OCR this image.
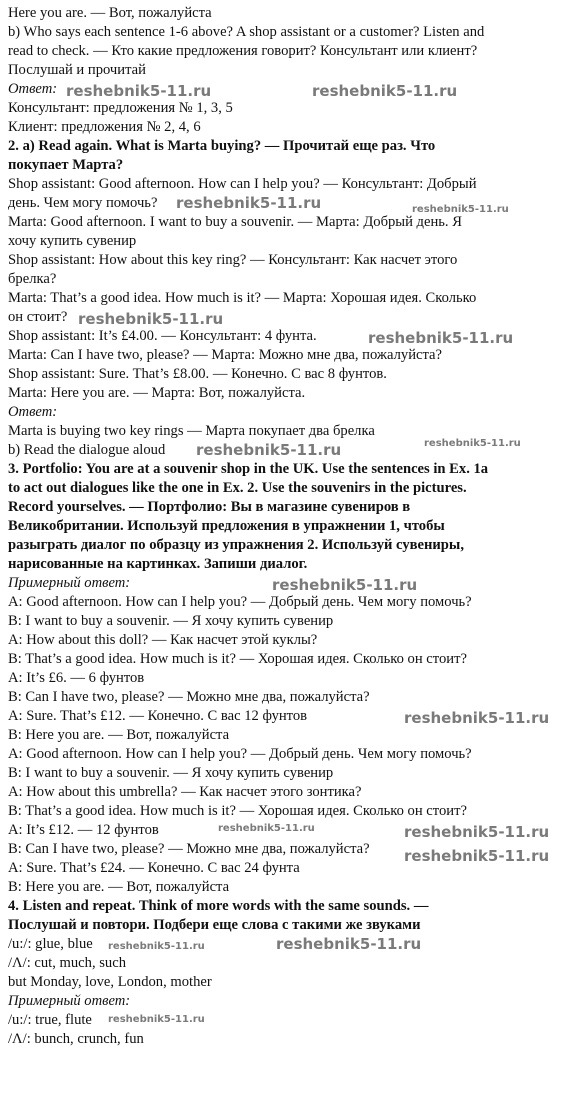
Here you are. — Вот, пожалуйста
b) Who says each sentence 1-6 above? A shop assistant or a customer? Listen and
read to check. — Кто какие предложения говорит? Консультант или клиент?
Послушай и прочитай
Ответ:
Консультант: предложения № 1, 3, 5
Клиент: предложения № 2, 4, 6
2. a) Read again. What is Marta buying? — Прочитай еще раз. Что
покупает Марта?
Shop assistant: Good afternoon. How can I help you? — Консультант: Добрый
день. Чем могу помочь?
Marta: Good afternoon. I want to buy a souvenir. — Марта: Добрый день. Я
хочу купить сувенир
Shop assistant: How about this key ring? — Консультант: Как насчет этого
брелка?
Marta: That’s a good idea. How much is it? — Марта: Хорошая идея. Сколько
он стоит?
Shop assistant: It’s £4.00. — Консультант: 4 фунта.
Marta: Can I have two, please? — Марта: Можно мне два, пожалуйста?
Shop assistant: Sure. That’s £8.00. — Конечно. С вас 8 фунтов.
Marta: Here you are. — Марта: Вот, пожалуйста.
Ответ:
Marta is buying two key rings — Марта покупает два брелка
b) Read the dialogue aloud
3. Portfolio: You are at a souvenir shop in the UK. Use the sentences in Ex. 1a
to act out dialogues like the one in Ex. 2. Use the souvenirs in the pictures.
Record yourselves. — Портфолио: Вы в магазине сувениров в
Великобритании. Используй предложения в упражнении 1, чтобы
разыграть диалог по образцу из упражнения 2. Используй сувениры,
нарисованные на картинках. Запиши диалог.
Примерный ответ:
A: Good afternoon. How can I help you? — Добрый день. Чем могу помочь?
B: I want to buy a souvenir. — Я хочу купить сувенир
A: How about this doll? — Как насчет этой куклы?
B: That’s a good idea. How much is it? — Хорошая идея. Сколько он стоит?
A: It’s £6. — 6 фунтов
B: Can I have two, please? — Можно мне два, пожалуйста?
A: Sure. That’s £12. — Конечно. С вас 12 фунтов
B: Here you are. — Вот, пожалуйста
A: Good afternoon. How can I help you? — Добрый день. Чем могу помочь?
B: I want to buy a souvenir. — Я хочу купить сувенир
A: How about this umbrella? — Как насчет этого зонтика?
B: That’s a good idea. How much is it? — Хорошая идея. Сколько он стоит?
A: It’s £12. — 12 фунтов
B: Can I have two, please? — Можно мне два, пожалуйста?
A: Sure. That’s £24. — Конечно. С вас 24 фунта
B: Here you are. — Вот, пожалуйста
4. Listen and repeat. Think of more words with the same sounds. —
Послушай и повтори. Подбери еще слова с такими же звуками
/u:/: glue, blue
/Λ/: cut, much, such
but Monday, love, London, mother
Примерный ответ:
/u:/: true, flute
/Λ/: bunch, crunch, fun
reshebnik5-11.ru	reshebnik5-11.ru
reshebnik5-11.ru
reshebnik5-11.ru
reshebnik5-11.ru
reshebnik5-11.ru
reshebnik5-11.ru
reshebnik5-11.ru
reshebnik5-11.ru
reshebnik5-11.ru
reshebnik5-11.ru	reshebnik5-11.ru
reshebnik5-11.ru
reshebnik5-11.ru
reshebnik5-11.ru
reshebnik5-11.ru
